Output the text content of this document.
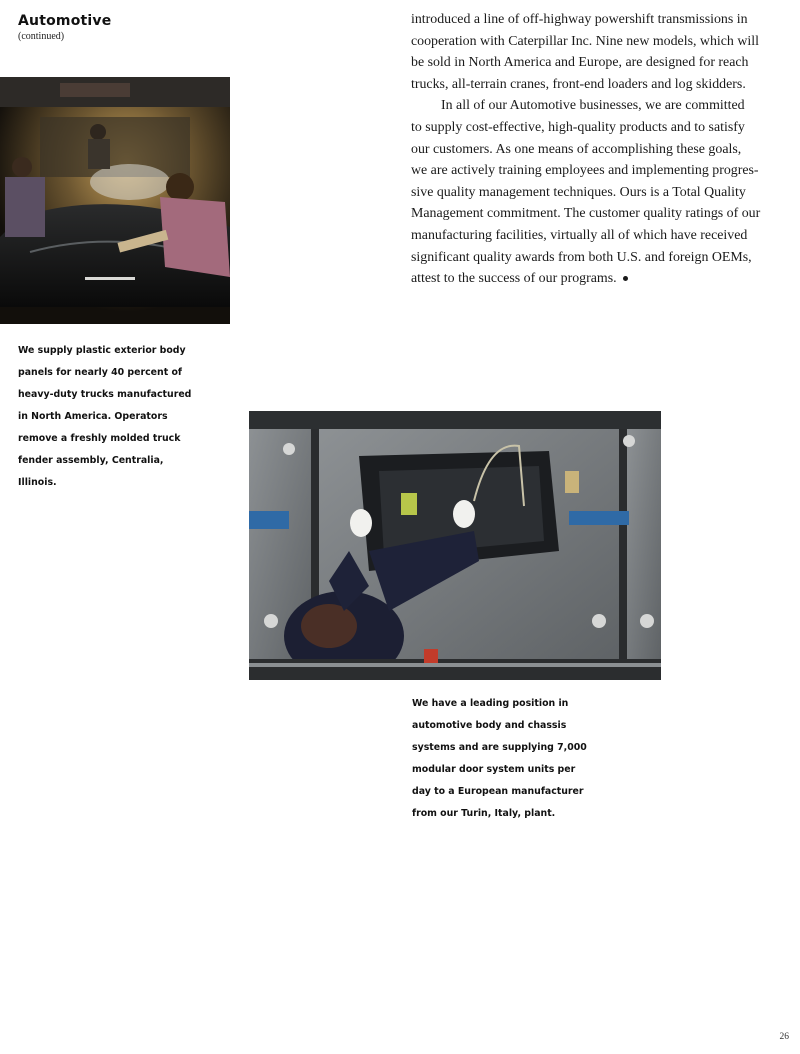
Automotive
(continued)
We supply plastic exterior body
panels for nearly 40 percent of
heavy-duty trucks manufactured
in North America. Operators
remove a freshly molded truck
fender assembly, Centralia,
Illinois.
introduced a line of off-highway powershift transmissions in
cooperation with Caterpillar Inc. Nine new models, which will
be sold in North America and Europe, are designed for reach
trucks, all-terrain cranes, front-end loaders and log skidders.
In all of our Automotive businesses, we are committed
to supply cost-effective, high-quality products and to satisfy
our customers. As one means of accomplishing these goals,
we are actively training employees and implementing progres-
sive quality management techniques. Ours is a Total Quality
Management commitment. The customer quality ratings of our
manufacturing facilities, virtually all of which have received
significant quality awards from both U.S. and foreign OEMs,
attest to the success of our programs.
We have a leading position in
automotive body and chassis
systems and are supplying 7,000
modular door system units per
day to a European manufacturer
from our Turin, Italy, plant.
26
